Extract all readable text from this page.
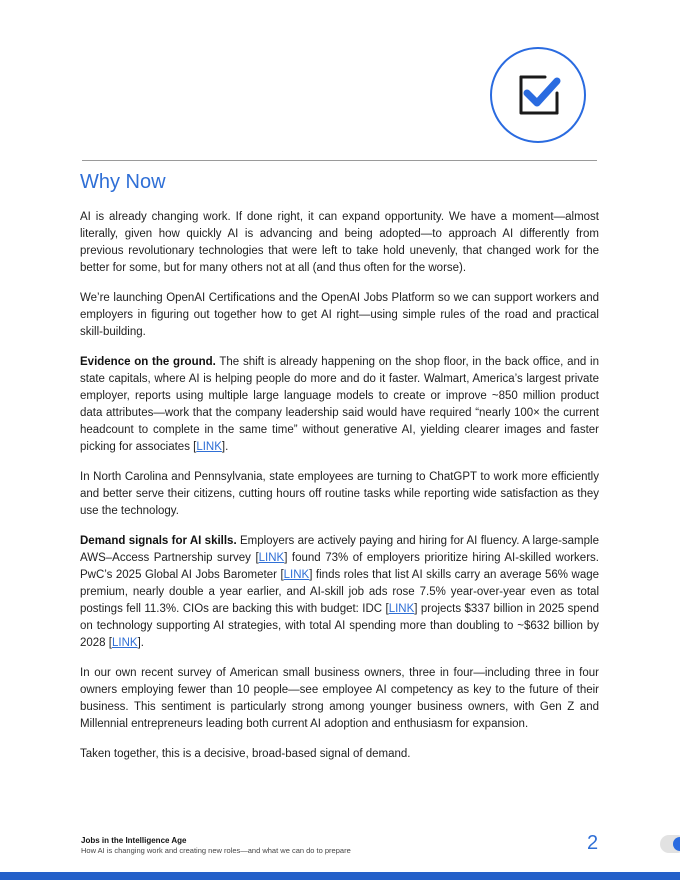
Why Now

AI is already changing work. If done right, it can expand opportunity. We have a moment—almost literally, given how quickly AI is advancing and being adopted—to approach AI differently from previous revolutionary technologies that were left to take hold unevenly, that changed work for the better for some, but for many others not at all (and thus often for the worse).

We’re launching OpenAI Certifications and the OpenAI Jobs Platform so we can support workers and employers in figuring out together how to get AI right—using simple rules of the road and practical skill-building.

Evidence on the ground. The shift is already happening on the shop floor, in the back office, and in state capitals, where AI is helping people do more and do it faster. Walmart, America’s largest private employer, reports using multiple large language models to create or improve ~850 million product data attributes—work that the company leadership said would have required “nearly 100× the current headcount to complete in the same time” without generative AI, yielding clearer images and faster picking for associates [LINK].

In North Carolina and Pennsylvania, state employees are turning to ChatGPT to work more efficiently and better serve their citizens, cutting hours off routine tasks while reporting wide satisfaction as they use the technology.

Demand signals for AI skills. Employers are actively paying and hiring for AI fluency. A large-sample AWS–Access Partnership survey [LINK] found 73% of employers prioritize hiring AI-skilled workers. PwC’s 2025 Global AI Jobs Barometer [LINK] finds roles that list AI skills carry an average 56% wage premium, nearly double a year earlier, and AI-skill job ads rose 7.5% year-over-year even as total postings fell 11.3%. CIOs are backing this with budget: IDC [LINK] projects $337 billion in 2025 spend on technology supporting AI strategies, with total AI spending more than doubling to ~$632 billion by 2028 [LINK].

In our own recent survey of American small business owners, three in four—including three in four owners employing fewer than 10 people—see employee AI competency as key to the future of their business. This sentiment is particularly strong among younger business owners, with Gen Z and Millennial entrepreneurs leading both current AI adoption and enthusiasm for expansion.

Taken together, this is a decisive, broad-based signal of demand.

Jobs in the Intelligence Age
How AI is changing work and creating new roles—and what we can do to prepare	2
